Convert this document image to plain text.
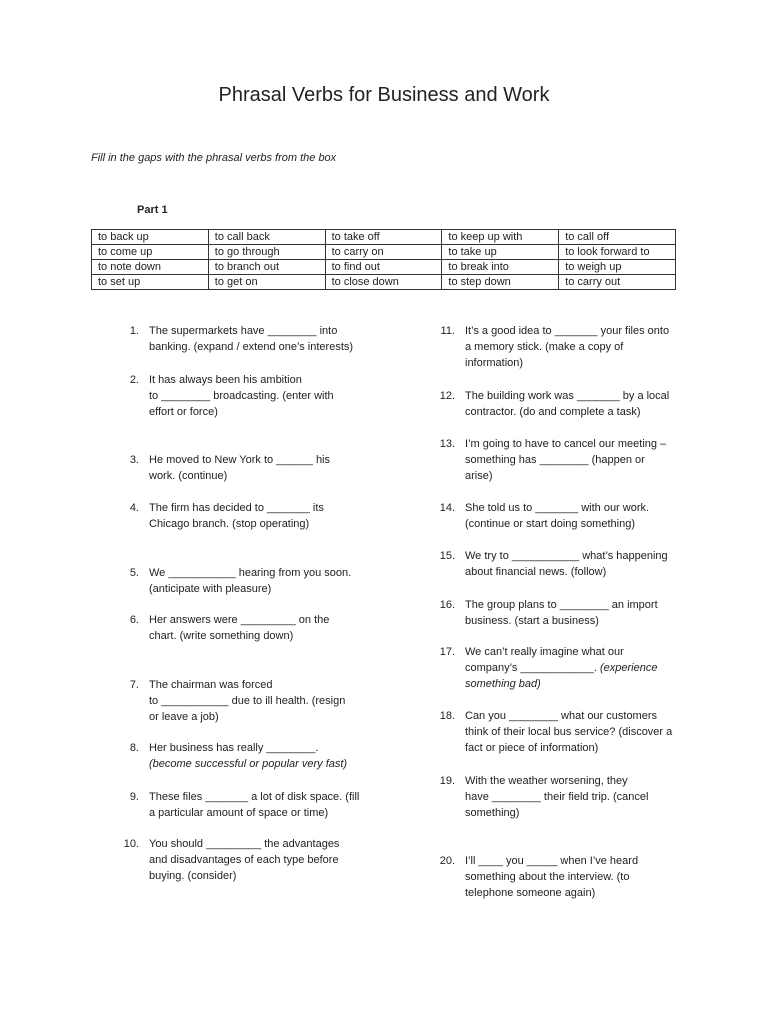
Phrasal Verbs for Business and Work
Fill in the gaps with the phrasal verbs from the box
Part 1
to back up	to call back	to take off	to keep up with	to call off
to come up	to go through	to carry on	to take up	to look forward to
to note down	to branch out	to find out	to break into	to weigh up
to set up	to get on	to close down	to step down	to carry out
1. The supermarkets have ________ into
banking. (expand / extend one’s interests)
2. It has always been his ambition
to ________ broadcasting. (enter with
effort or force)
3. He moved to New York to ______ his
work. (continue)
4. The firm has decided to _______ its
Chicago branch. (stop operating)
5. We ___________ hearing from you soon.
(anticipate with pleasure)
6. Her answers were _________ on the
chart. (write something down)
7. The chairman was forced
to ___________ due to ill health. (resign
or leave a job)
8. Her business has really ________.
(become successful or popular very fast)
9. These files _______ a lot of disk space. (fill
a particular amount of space or time)
10. You should _________ the advantages
and disadvantages of each type before
buying. (consider)
11. It’s a good idea to _______ your files onto
a memory stick. (make a copy of
information)
12. The building work was _______ by a local
contractor. (do and complete a task)
13. I’m going to have to cancel our meeting –
something has ________ (happen or
arise)
14. She told us to _______ with our work.
(continue or start doing something)
15. We try to ___________ what’s happening
about financial news. (follow)
16. The group plans to ________ an import
business. (start a business)
17. We can’t really imagine what our
company’s ____________. (experience
something bad)
18. Can you ________ what our customers
think of their local bus service? (discover a
fact or piece of information)
19. With the weather worsening, they
have ________ their field trip. (cancel
something)
20. I’ll ____ you _____ when I’ve heard
something about the interview. (to
telephone someone again)
